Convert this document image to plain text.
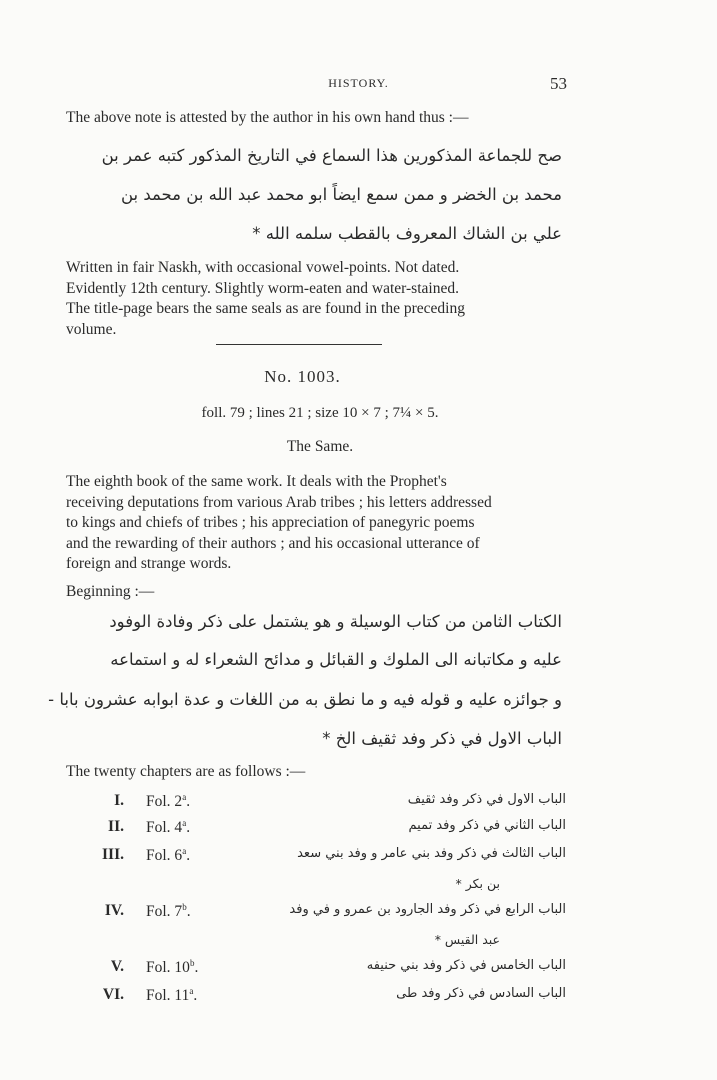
HISTORY.	53
The above note is attested by the author in his own hand thus :—
صح للجماعة المذكورين هذا السماع في التاريخ المذكور كتبه عمر بن
محمد بن الخضر و ممن سمع ايضاً ابو محمد عبد الله بن محمد بن
علي بن الشاك المعروف بالقطب سلمه الله *
Written in fair Naskh, with occasional vowel-points. Not dated.
Evidently 12th century. Slightly worm-eaten and water-stained.
The title-page bears the same seals as are found in the preceding
volume.
No. 1003.
foll. 79 ; lines 21 ; size 10 × 7 ; 7¼ × 5.
The Same.
The eighth book of the same work. It deals with the Prophet's
receiving deputations from various Arab tribes ; his letters addressed
to kings and chiefs of tribes ; his appreciation of panegyric poems
and the rewarding of their authors ; and his occasional utterance of
foreign and strange words.
Beginning :—
الكتاب الثامن من كتاب الوسيلة و هو يشتمل على ذكر وفادة الوفود
عليه و مكاتبانه الى الملوك و القبائل و مدائح الشعراء له و استماعه
و جوائزه عليه و قوله فيه و ما نطق به من اللغات و عدة ابوابه عشرون بابا -
الباب الاول في ذكر وفد ثقيف الخ *
The twenty chapters are as follows :—
I. Fol. 2$^a$.	الباب الاول في ذكر وفد ثقيف
II. Fol. 4$^a$.	الباب الثاني في ذكر وفد تميم
III. Fol. 6$^a$.	الباب الثالث في ذكر وفد بني عامر و وفد بني سعد
بن بكر *
IV. Fol. 7$^b$.	الباب الرابع في ذكر وفد الجارود بن عمرو و في وفد
عبد القيس *
V. Fol. 10$^b$.	الباب الخامس في ذكر وفد بني حنيفه
VI. Fol. 11$^a$.	الباب السادس في ذكر وفد طى
